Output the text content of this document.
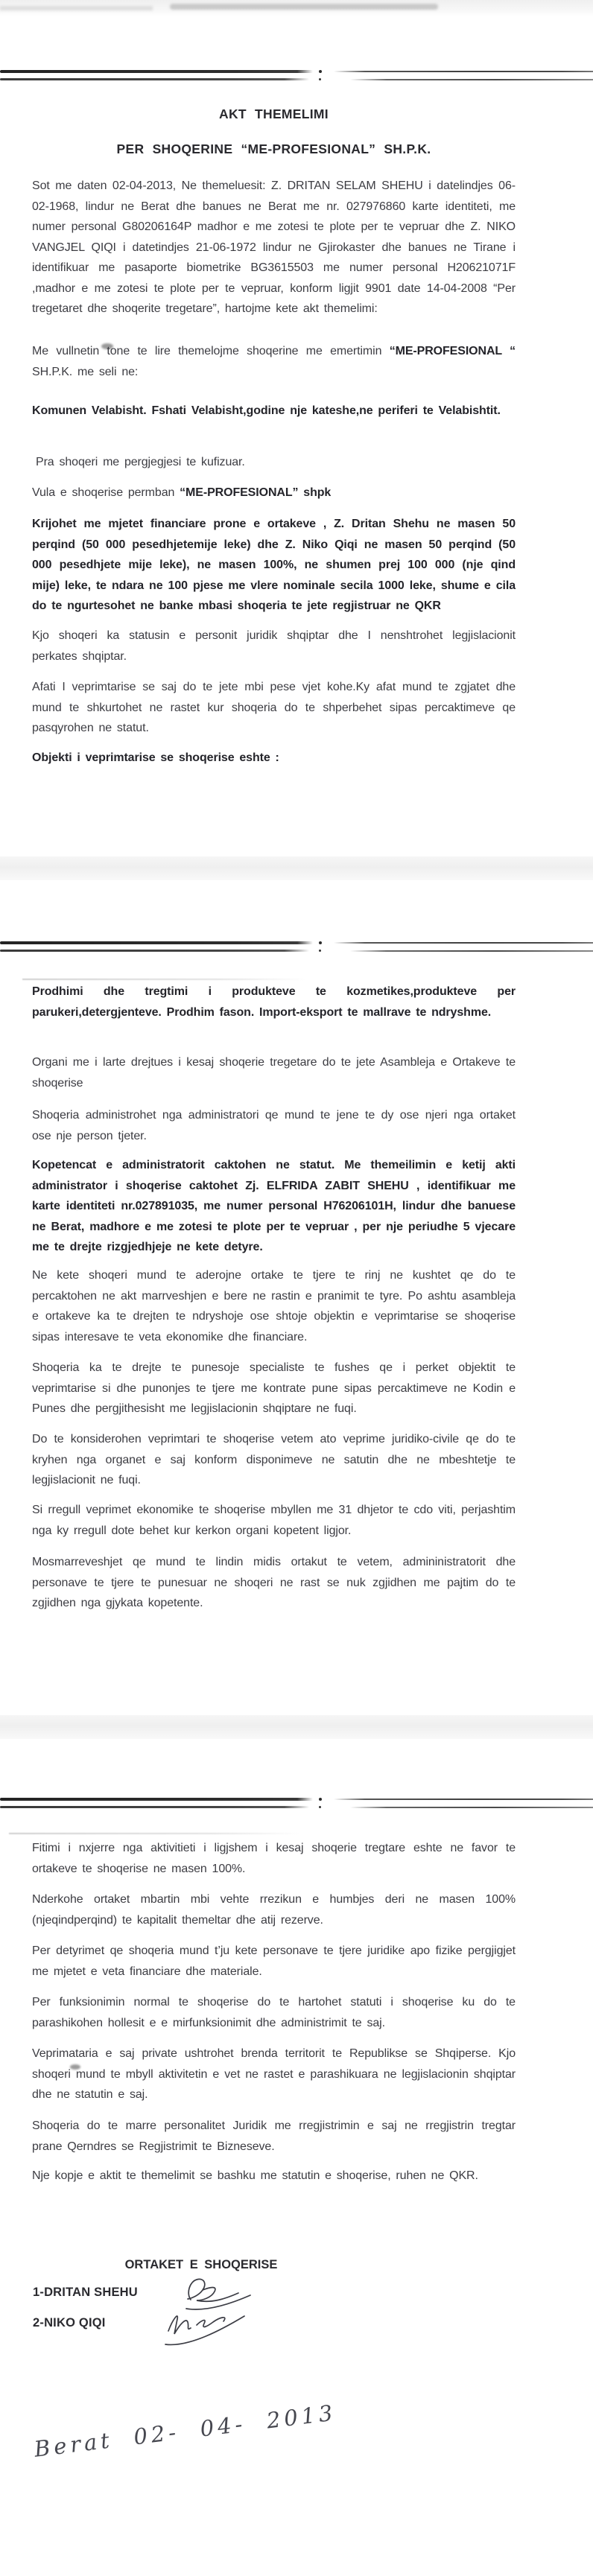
AKT THEMELIMI
PER SHOQERINE “ME-PROFESIONAL” SH.P.K.

Sot me daten 02-04-2013, Ne themeluesit: Z. DRITAN SELAM SHEHU i datelindjes 06-02-1968, lindur ne Berat dhe banues ne Berat me nr. 027976860 karte identiteti, me numer personal G80206164P madhor e me zotesi te plote per te vepruar dhe Z. NIKO VANGJEL QIQI i datetindjes 21-06-1972 lindur ne Gjirokaster dhe banues ne Tirane i identifikuar me pasaporte biometrike BG3615503 me numer personal H20621071F ,madhor e me zotesi te plote per te vepruar, konform ligjit 9901 date 14-04-2008 “Per tregetaret dhe shoqerite tregetare”, hartojme kete akt themelimi:

Me vullnetin tone te lire themelojme shoqerine me emertimin “ME-PROFESIONAL “ SH.P.K. me seli ne:

Komunen Velabisht. Fshati Velabisht,godine nje kateshe,ne periferi te Velabishtit.

Pra shoqeri me pergjegjesi te kufizuar.

Vula e shoqerise permban “ME-PROFESIONAL” shpk

Krijohet me mjetet financiare prone e ortakeve , Z. Dritan Shehu ne masen 50 perqind (50 000 pesedhjetemije leke) dhe Z. Niko Qiqi ne masen 50 perqind (50 000 pesedhjete mije leke), ne masen 100%, ne shumen prej 100 000 (nje qind mije) leke, te ndara ne 100 pjese me vlere nominale secila 1000 leke, shume e cila do te ngurtesohet ne banke mbasi shoqeria te jete regjistruar ne QKR

Kjo shoqeri ka statusin e personit juridik shqiptar dhe I nenshtrohet legjislacionit perkates shqiptar.

Afati I veprimtarise se saj do te jete mbi pese vjet kohe.Ky afat mund te zgjatet dhe mund te shkurtohet ne rastet kur shoqeria do te shperbehet sipas percaktimeve qe pasqyrohen ne statut.

Objekti i veprimtarise se shoqerise eshte :

Prodhimi dhe tregtimi i produkteve te kozmetikes,produkteve per parukeri,detergjenteve. Prodhim fason. Import-eksport te mallrave te ndryshme.

Organi me i larte drejtues i kesaj shoqerie tregetare do te jete Asambleja e Ortakeve te shoqerise

Shoqeria administrohet nga administratori qe mund te jene te dy ose njeri nga ortaket ose nje person tjeter.

Kopetencat e administratorit caktohen ne statut. Me themeilimin e ketij akti administrator i shoqerise caktohet Zj. ELFRIDA ZABIT SHEHU , identifikuar me karte identiteti nr.027891035, me numer personal H76206101H, lindur dhe banuese ne Berat, madhore e me zotesi te plote per te vepruar , per nje periudhe 5 vjecare me te drejte rizgjedhjeje ne kete detyre.

Ne kete shoqeri mund te aderojne ortake te tjere te rinj ne kushtet qe do te percaktohen ne akt marrveshjen e bere ne rastin e pranimit te tyre. Po ashtu asambleja e ortakeve ka te drejten te ndryshoje ose shtoje objektin e veprimtarise se shoqerise sipas interesave te veta ekonomike dhe financiare.

Shoqeria ka te drejte te punesoje specialiste te fushes qe i perket objektit te veprimtarise si dhe punonjes te tjere me kontrate pune sipas percaktimeve ne Kodin e Punes dhe pergjithesisht me legjislacionin shqiptare ne fuqi.

Do te konsiderohen veprimtari te shoqerise vetem ato veprime juridiko-civile qe do te kryhen nga organet e saj konform disponimeve ne satutin dhe ne mbeshtetje te legjislacionit ne fuqi.

Si rregull veprimet ekonomike te shoqerise mbyllen me 31 dhjetor te cdo viti, perjashtim nga ky rregull dote behet kur kerkon organi kopetent ligjor.

Mosmarreveshjet qe mund te lindin midis ortakut te vetem, admininistratorit dhe personave te tjere te punesuar ne shoqeri ne rast se nuk zgjidhen me pajtim do te zgjidhen nga gjykata kopetente.

Fitimi i nxjerre nga aktivitieti i ligjshem i kesaj shoqerie tregtare eshte ne favor te ortakeve te shoqerise ne masen 100%.

Nderkohe ortaket mbartin mbi vehte rrezikun e humbjes deri ne masen 100% (njeqindperqind) te kapitalit themeltar dhe atij rezerve.

Per detyrimet qe shoqeria mund t’ju kete personave te tjere juridike apo fizike pergjigjet me mjetet e veta financiare dhe materiale.

Per funksionimin normal te shoqerise do te hartohet statuti i shoqerise ku do te parashikohen hollesit e e mirfunksionimit dhe administrimit te saj.

Veprimataria e saj private ushtrohet brenda territorit te Republikse se Shqiperse. Kjo shoqeri mund te mbyll aktivitetin e vet ne rastet e parashikuara ne legjislacionin shqiptar dhe ne statutin e saj.

Shoqeria do te marre personalitet Juridik me rregjistrimin e saj ne rregjistrin tregtar prane Qerndres se Regjistrimit te Bizneseve.

Nje kopje e aktit te themelimit se bashku me statutin e shoqerise, ruhen ne QKR.

ORTAKET E SHOQERISE
1-DRITAN SHEHU
2-NIKO QIQI
Berat 02- 04- 2013
